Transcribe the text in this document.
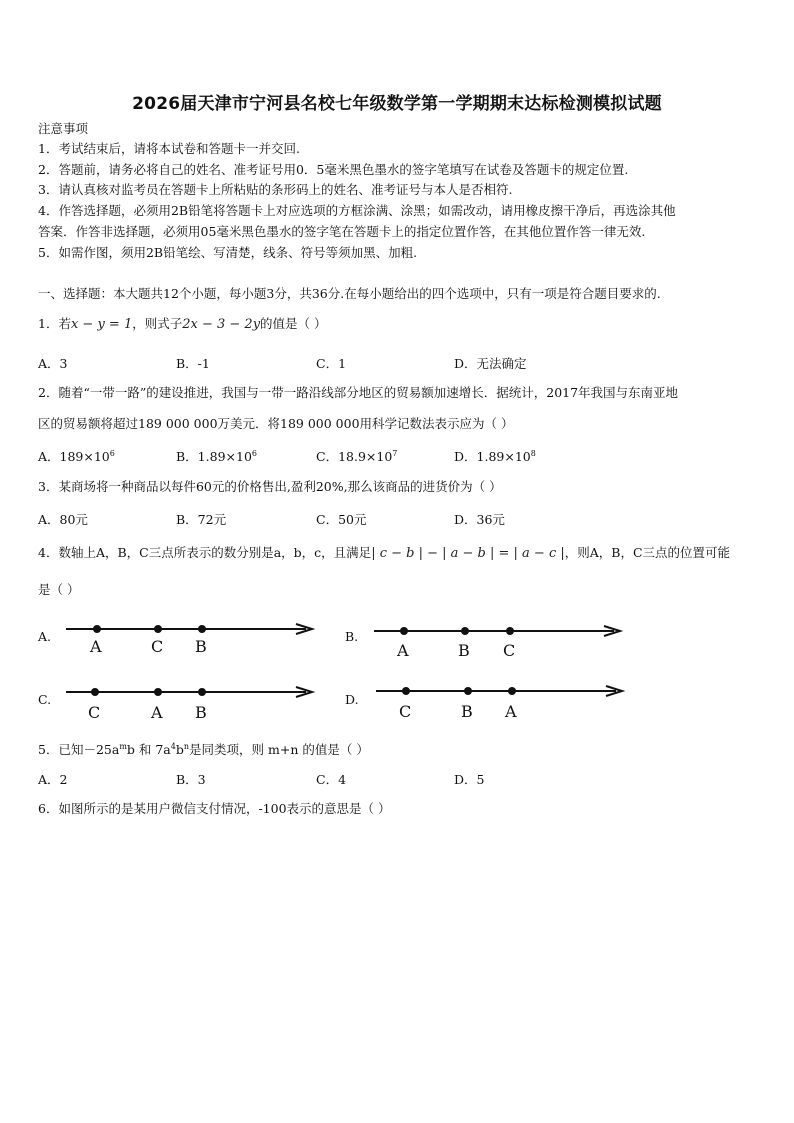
2026届天津市宁河县名校七年级数学第一学期期末达标检测模拟试题
注意事项
1．考试结束后，请将本试卷和答题卡一并交回.
2．答题前，请务必将自己的姓名、准考证号用0．5毫米黑色墨水的签字笔填写在试卷及答题卡的规定位置.
3．请认真核对监考员在答题卡上所粘贴的条形码上的姓名、准考证号与本人是否相符.
4．作答选择题，必须用2B铅笔将答题卡上对应选项的方框涂满、涂黑；如需改动，请用橡皮擦干净后，再选涂其他
答案．作答非选择题，必须用05毫米黑色墨水的签字笔在答题卡上的指定位置作答，在其他位置作答一律无效.
5．如需作图，须用2B铅笔绘、写清楚，线条、符号等须加黑、加粗.
一、选择题：本大题共12个小题，每小题3分，共36分.在每小题给出的四个选项中，只有一项是符合题目要求的.
1．若x − y = 1，则式子2x − 3 − 2y的值是（ ）
A．3	B．-1	C．1	D．无法确定
2．随着“一带一路”的建设推进，我国与一带一路沿线部分地区的贸易额加速增长．据统计，2017年我国与东南亚地
区的贸易额将超过189 000 000万美元．将189 000 000用科学记数法表示应为（ ）
A．$189\times 10^6$	B．$1.89\times 10^6$	C．$18.9\times 10^7$	D．$1.89\times 10^8$
3．某商场将一种商品以每件60元的价格售出,盈利20%,那么该商品的进货价为（ ）
A．80元	B．72元	C．50元	D．36元
4．数轴上A，B，C三点所表示的数分别是a，b，c，且满足| c − b | − | a − b | = | a − c |，则A，B，C三点的位置可能
是（ ）
A.
A	C B
B.
A	B C
C.
C	A B
D.
C	B A
5．已知$-25a^mb$ 和 $7a^4b^n$是同类项，则 m+n 的值是（ ）
A．2	B．3	C．4	D．5
6．如图所示的是某用户微信支付情况，-100表示的意思是（ ）
